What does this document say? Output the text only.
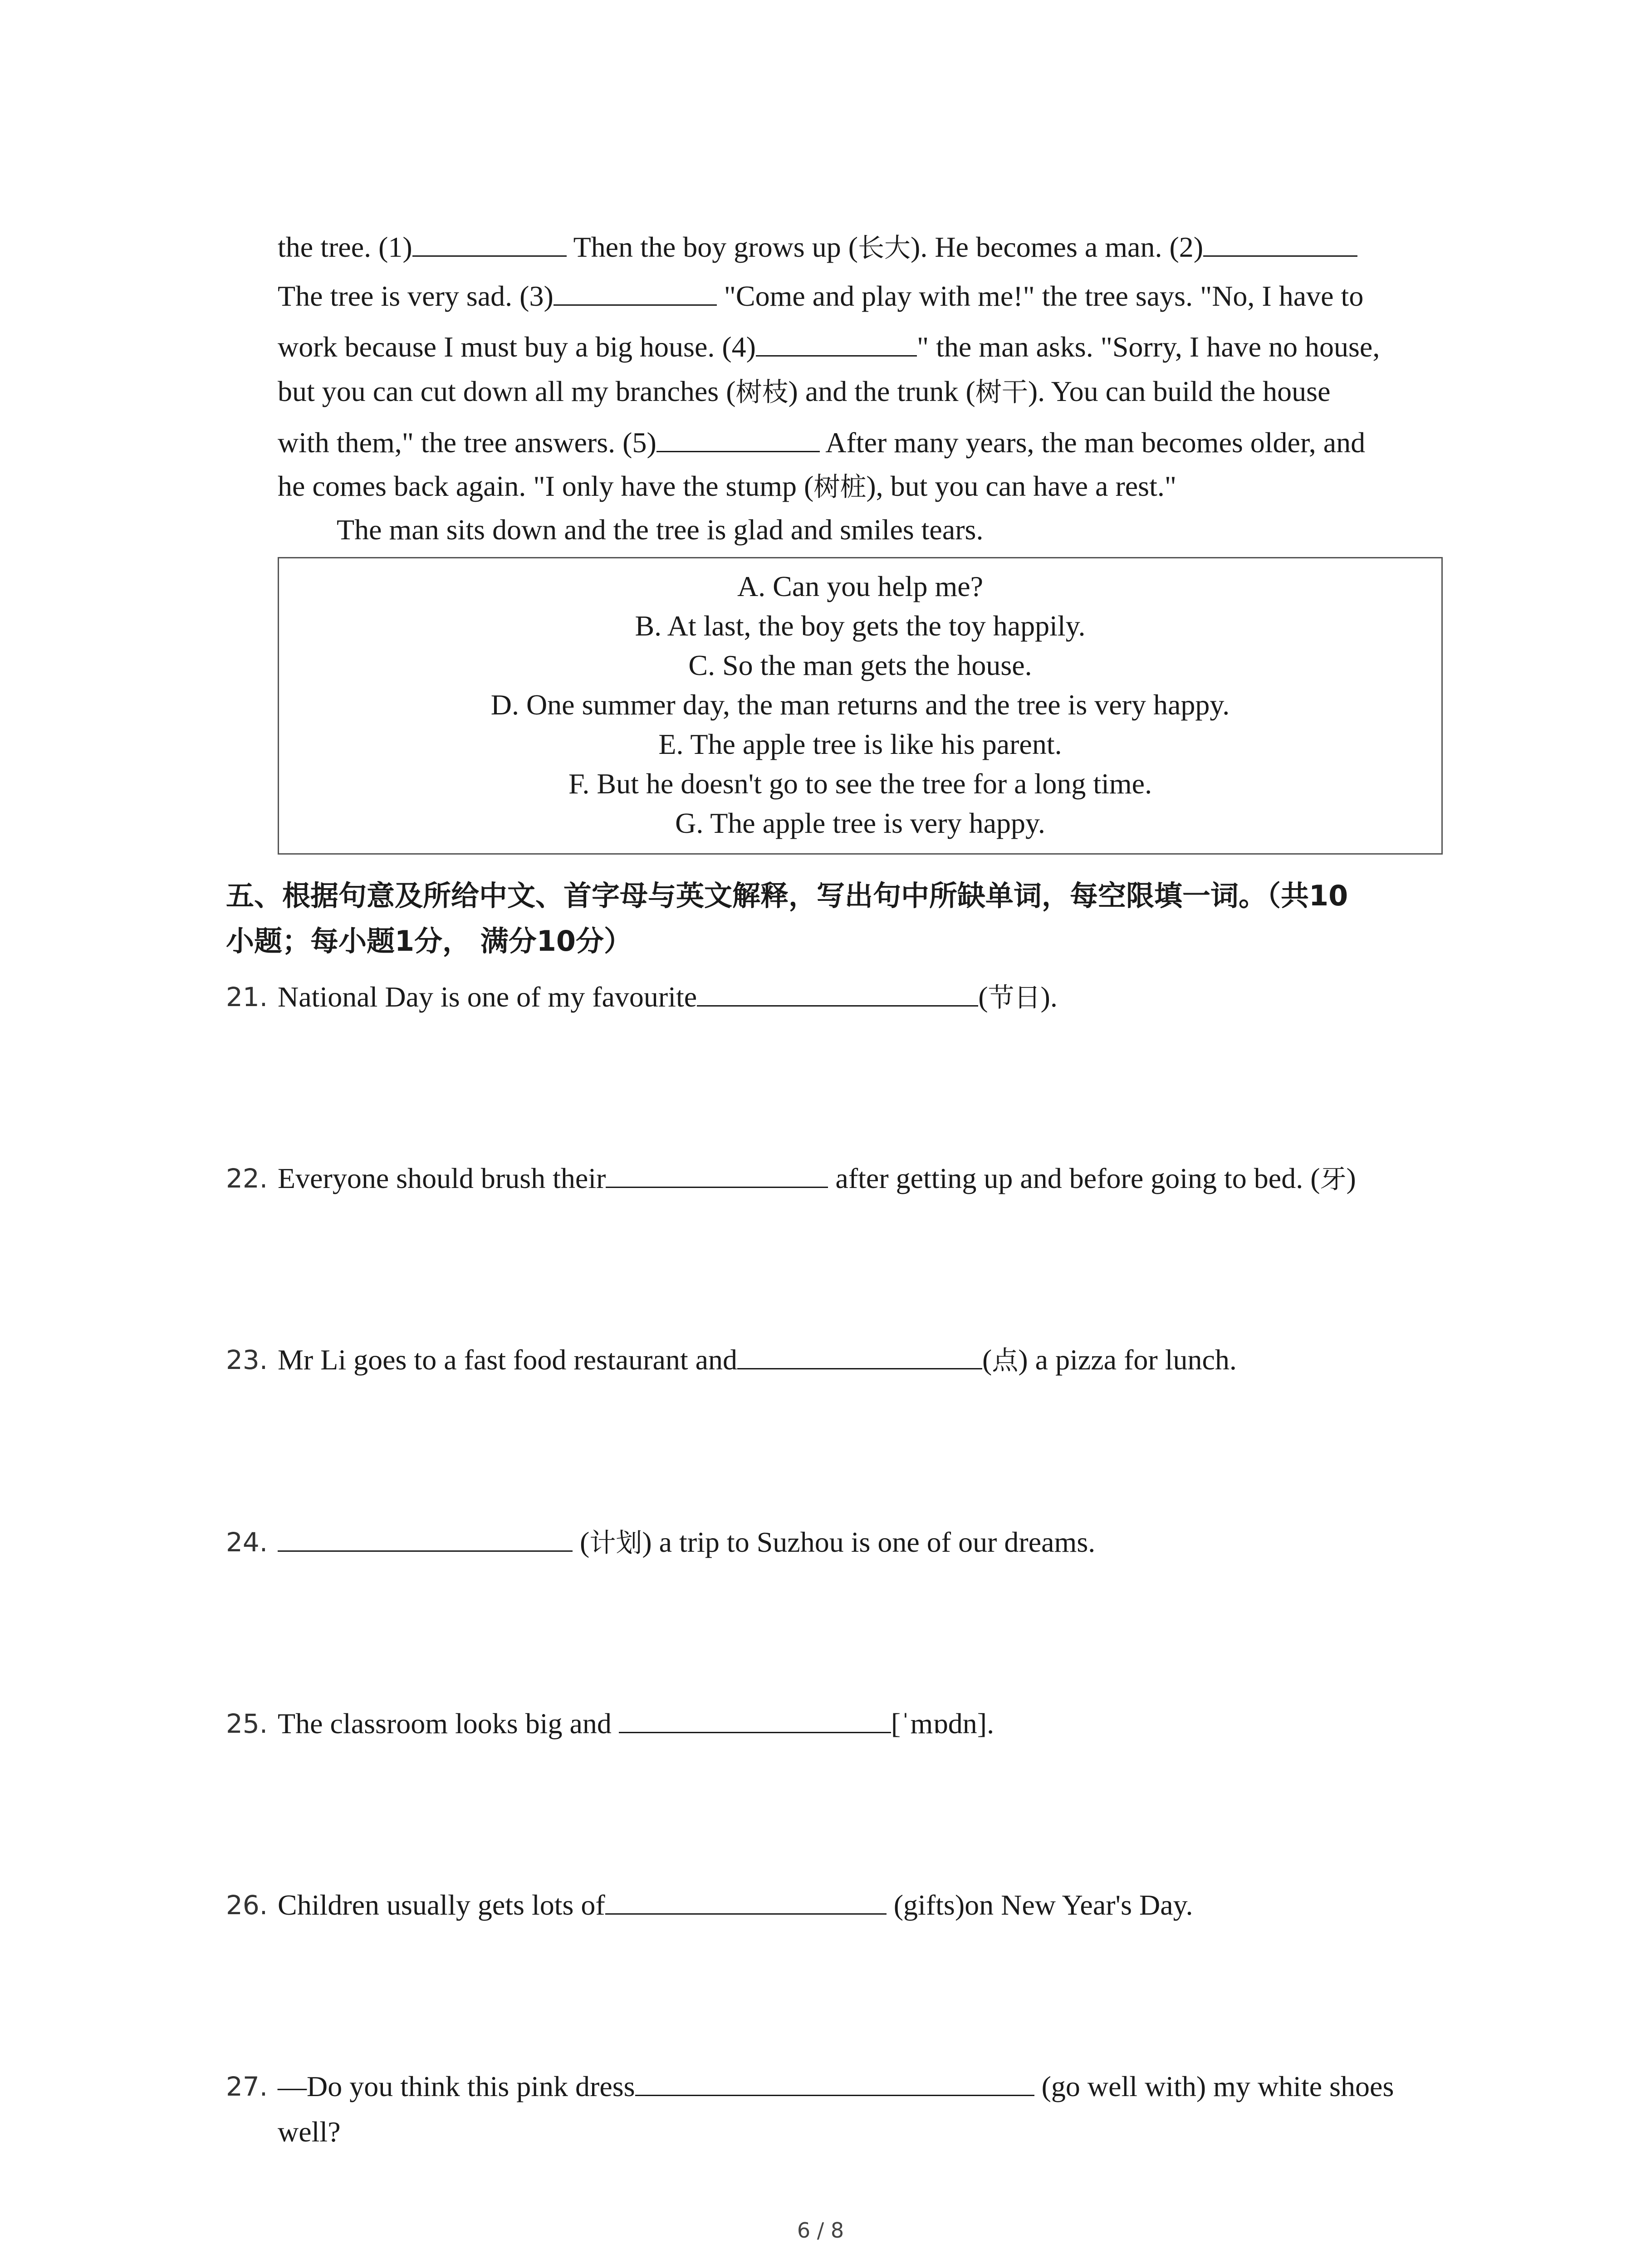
the tree. (1)	Then the boy grows up (长大). He becomes a man. (2)

The tree is very sad. (3)	"Come and play with me!" the tree says. "No, I have to

work because I must buy a big house. (4)	" the man asks. "Sorry, I have no house,

but you can cut down all my branches (树枝) and the trunk (树干). You can build the house

with them," the tree answers. (5)	After many years, the man becomes older, and

he comes back again. "I only have the stump (树桩), but you can have a rest."

The man sits down and the tree is glad and smiles tears.

A. Can you help me?

B. At last, the boy gets the toy happily.

C. So the man gets the house.

D. One summer day, the man returns and the tree is very happy.

E. The apple tree is like his parent.

F. But he doesn't go to see the tree for a long time.

G. The apple tree is very happy.

五、根据句意及所给中文、首字母与英文解释，写出句中所缺单词，每空限填一词。（共10

小题；每小题1分， 满分10分）

21. National Day is one of my favourite	(节日).
22. Everyone should brush their	after getting up and before going to bed. (牙)
23. Mr Li goes to a fast food restaurant and	(点) a pizza for lunch.
24.	(计划) a trip to Suzhou is one of our dreams.
25. The classroom looks big and	[ˈmɒdn].
26. Children usually gets lots of	(gifts)on New Year's Day.
27. —Do you think this pink dress	(go well with) my white shoes
well?
6 / 8
